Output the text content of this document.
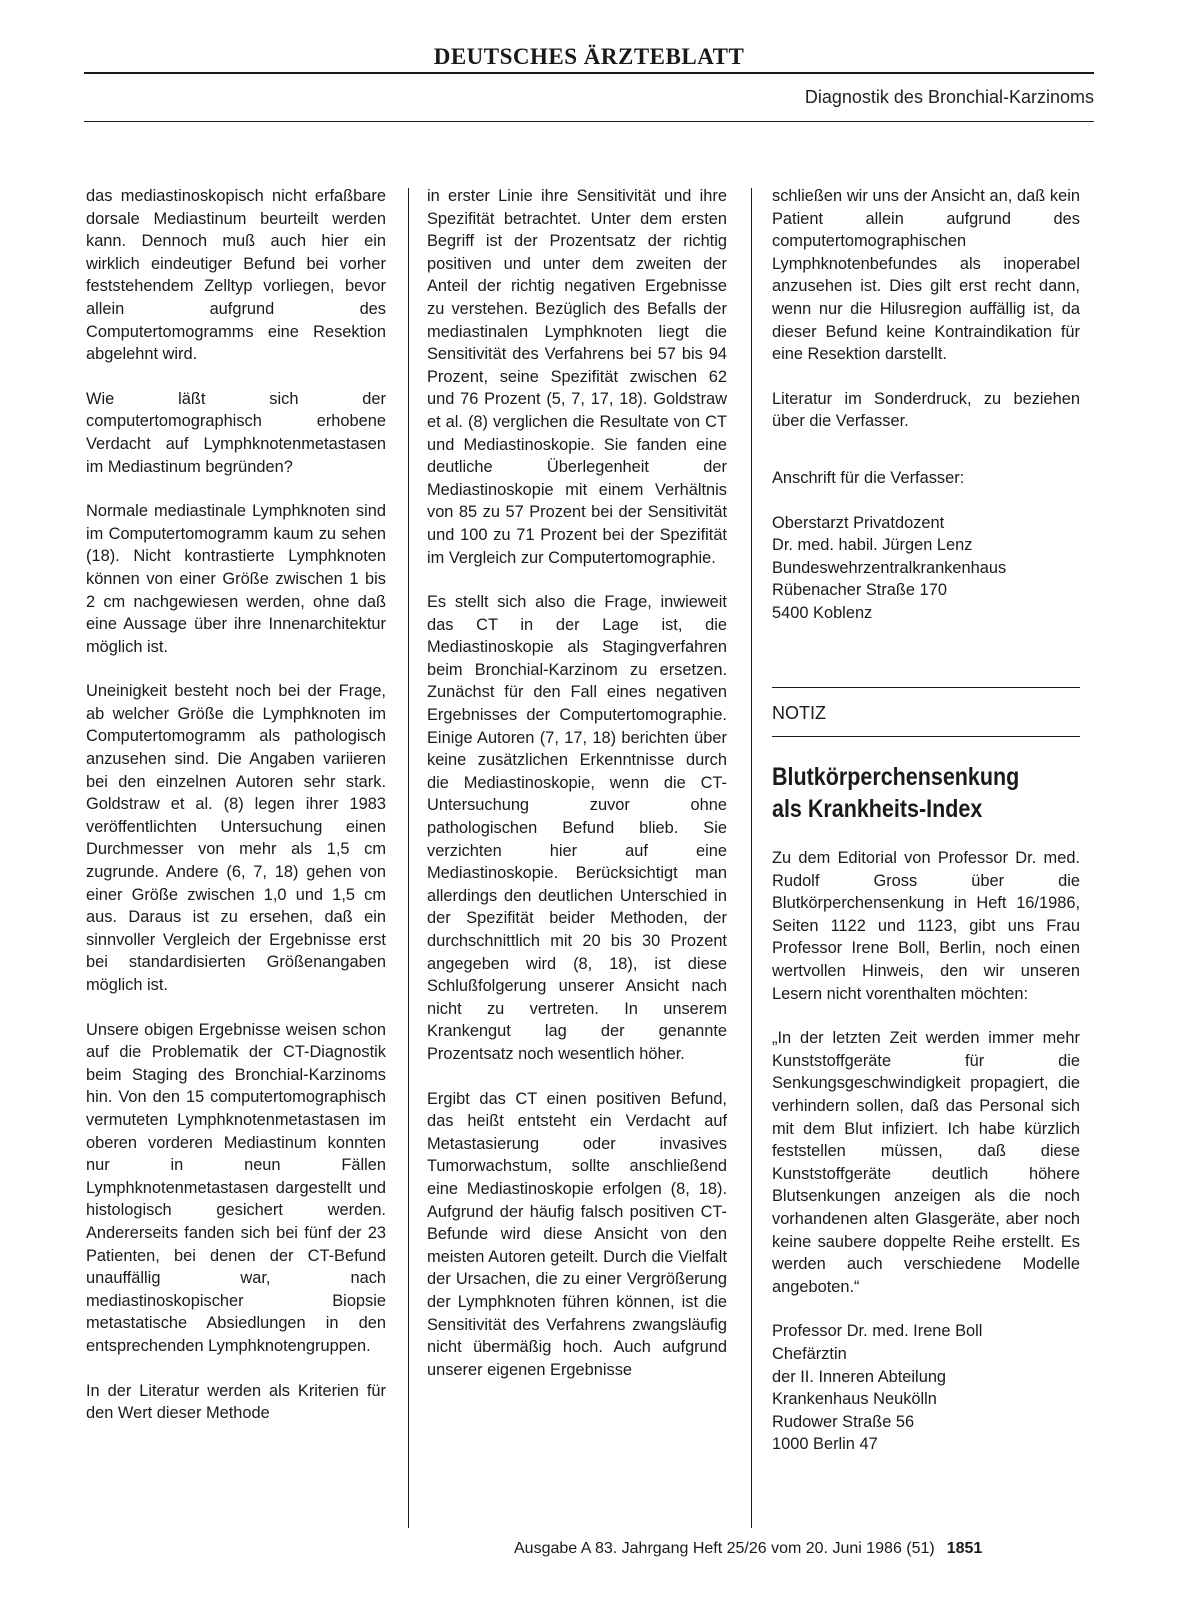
DEUTSCHES ÄRZTEBLATT
Diagnostik des Bronchial-Karzinoms

das mediastinoskopisch nicht erfaßbare dorsale Mediastinum beurteilt werden kann. Dennoch muß auch hier ein wirklich eindeutiger Befund bei vorher feststehendem Zelltyp vorliegen, bevor allein aufgrund des Computertomogramms eine Resektion abgelehnt wird.

Wie läßt sich der computertomographisch erhobene Verdacht auf Lymphknotenmetastasen im Mediastinum begründen?

Normale mediastinale Lymphknoten sind im Computertomogramm kaum zu sehen (18). Nicht kontrastierte Lymphknoten können von einer Größe zwischen 1 bis 2 cm nachgewiesen werden, ohne daß eine Aussage über ihre Innenarchitektur möglich ist.

Uneinigkeit besteht noch bei der Frage, ab welcher Größe die Lymphknoten im Computertomogramm als pathologisch anzusehen sind. Die Angaben variieren bei den einzelnen Autoren sehr stark. Goldstraw et al. (8) legen ihrer 1983 veröffentlichten Untersuchung einen Durchmesser von mehr als 1,5 cm zugrunde. Andere (6, 7, 18) gehen von einer Größe zwischen 1,0 und 1,5 cm aus. Daraus ist zu ersehen, daß ein sinnvoller Vergleich der Ergebnisse erst bei standardisierten Größenangaben möglich ist.

Unsere obigen Ergebnisse weisen schon auf die Problematik der CT-Diagnostik beim Staging des Bronchial-Karzinoms hin. Von den 15 computertomographisch vermuteten Lymphknotenmetastasen im oberen vorderen Mediastinum konnten nur in neun Fällen Lymphknotenmetastasen dargestellt und histologisch gesichert werden. Andererseits fanden sich bei fünf der 23 Patienten, bei denen der CT-Befund unauffällig war, nach mediastinoskopischer Biopsie metastatische Absiedlungen in den entsprechenden Lymphknotengruppen.

In der Literatur werden als Kriterien für den Wert dieser Methode

in erster Linie ihre Sensitivität und ihre Spezifität betrachtet. Unter dem ersten Begriff ist der Prozentsatz der richtig positiven und unter dem zweiten der Anteil der richtig negativen Ergebnisse zu verstehen. Bezüglich des Befalls der mediastinalen Lymphknoten liegt die Sensitivität des Verfahrens bei 57 bis 94 Prozent, seine Spezifität zwischen 62 und 76 Prozent (5, 7, 17, 18). Goldstraw et al. (8) verglichen die Resultate von CT und Mediastinoskopie. Sie fanden eine deutliche Überlegenheit der Mediastinoskopie mit einem Verhältnis von 85 zu 57 Prozent bei der Sensitivität und 100 zu 71 Prozent bei der Spezifität im Vergleich zur Computertomographie.

Es stellt sich also die Frage, inwieweit das CT in der Lage ist, die Mediastinoskopie als Stagingverfahren beim Bronchial-Karzinom zu ersetzen. Zunächst für den Fall eines negativen Ergebnisses der Computertomographie. Einige Autoren (7, 17, 18) berichten über keine zusätzlichen Erkenntnisse durch die Mediastinoskopie, wenn die CT-Untersuchung zuvor ohne pathologischen Befund blieb. Sie verzichten hier auf eine Mediastinoskopie. Berücksichtigt man allerdings den deutlichen Unterschied in der Spezifität beider Methoden, der durchschnittlich mit 20 bis 30 Prozent angegeben wird (8, 18), ist diese Schlußfolgerung unserer Ansicht nach nicht zu vertreten. In unserem Krankengut lag der genannte Prozentsatz noch wesentlich höher.

Ergibt das CT einen positiven Befund, das heißt entsteht ein Verdacht auf Metastasierung oder invasives Tumorwachstum, sollte anschließend eine Mediastinoskopie erfolgen (8, 18). Aufgrund der häufig falsch positiven CT-Befunde wird diese Ansicht von den meisten Autoren geteilt. Durch die Vielfalt der Ursachen, die zu einer Vergrößerung der Lymphknoten führen können, ist die Sensitivität des Verfahrens zwangsläufig nicht übermäßig hoch. Auch aufgrund unserer eigenen Ergebnisse

schließen wir uns der Ansicht an, daß kein Patient allein aufgrund des computertomographischen Lymphknotenbefundes als inoperabel anzusehen ist. Dies gilt erst recht dann, wenn nur die Hilusregion auffällig ist, da dieser Befund keine Kontraindikation für eine Resektion darstellt.

Literatur im Sonderdruck, zu beziehen über die Verfasser.

Anschrift für die Verfasser:

Oberstarzt Privatdozent
Dr. med. habil. Jürgen Lenz
Bundeswehrzentralkrankenhaus
Rübenacher Straße 170
5400 Koblenz
NOTIZ
Blutkörperchensenkung
als Krankheits-Index

Zu dem Editorial von Professor Dr. med. Rudolf Gross über die Blutkörperchensenkung in Heft 16/1986, Seiten 1122 und 1123, gibt uns Frau Professor Irene Boll, Berlin, noch einen wertvollen Hinweis, den wir unseren Lesern nicht vorenthalten möchten:

„In der letzten Zeit werden immer mehr Kunststoffgeräte für die Senkungsgeschwindigkeit propagiert, die verhindern sollen, daß das Personal sich mit dem Blut infiziert. Ich habe kürzlich feststellen müssen, daß diese Kunststoffgeräte deutlich höhere Blutsenkungen anzeigen als die noch vorhandenen alten Glasgeräte, aber noch keine saubere doppelte Reihe erstellt. Es werden auch verschiedene Modelle angeboten.“

Professor Dr. med. Irene Boll
Chefärztin
der II. Inneren Abteilung
Krankenhaus Neukölln
Rudower Straße 56
1000 Berlin 47
Ausgabe A 83. Jahrgang Heft 25/26 vom 20. Juni 1986 (51) 1851
